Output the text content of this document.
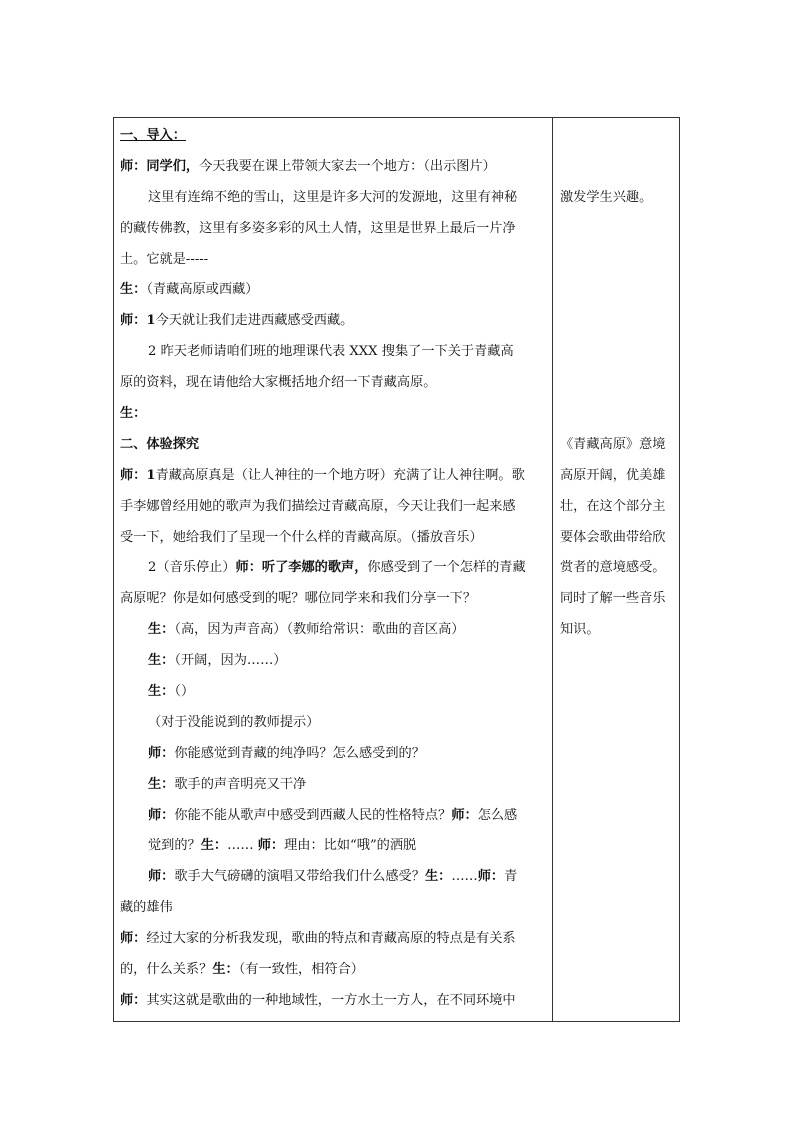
一、导入：
师：同学们，今天我要在课上带领大家去一个地方：（出示图片）
这里有连绵不绝的雪山，这里是许多大河的发源地，这里有神秘
的藏传佛教，这里有多姿多彩的风土人情，这里是世界上最后一片净
土。它就是-----
生：（青藏高原或西藏）
师：1今天就让我们走进西藏感受西藏。
2 昨天老师请咱们班的地理课代表 XXX 搜集了一下关于青藏高
原的资料，现在请他给大家概括地介绍一下青藏高原。
生：
二、体验探究
师：1青藏高原真是（让人神往的一个地方呀）充满了让人神往啊。歌
手李娜曾经用她的歌声为我们描绘过青藏高原，今天让我们一起来感
受一下，她给我们了呈现一个什么样的青藏高原。（播放音乐）
2（音乐停止）师：听了李娜的歌声，你感受到了一个怎样的青藏
高原呢？你是如何感受到的呢？哪位同学来和我们分享一下？
生：（高，因为声音高）（教师给常识：歌曲的音区高）
生：（开阔，因为……）
生：（）
（对于没能说到的教师提示）
师：你能感觉到青藏的纯净吗？怎么感受到的？
生：歌手的声音明亮又干净
师：你能不能从歌声中感受到西藏人民的性格特点？师：怎么感
觉到的？生：…… 师：理由：比如“哦”的洒脱
师：歌手大气磅礴的演唱又带给我们什么感受？生：……师：青
藏的雄伟
师：经过大家的分析我发现，歌曲的特点和青藏高原的特点是有关系
的，什么关系？生：（有一致性，相符合）
师：其实这就是歌曲的一种地域性，一方水土一方人，在不同环境中
激发学生兴趣。
《青藏高原》意境
高原开阔，优美雄
壮，在这个部分主
要体会歌曲带给欣
赏者的意境感受。
同时了解一些音乐
知识。
